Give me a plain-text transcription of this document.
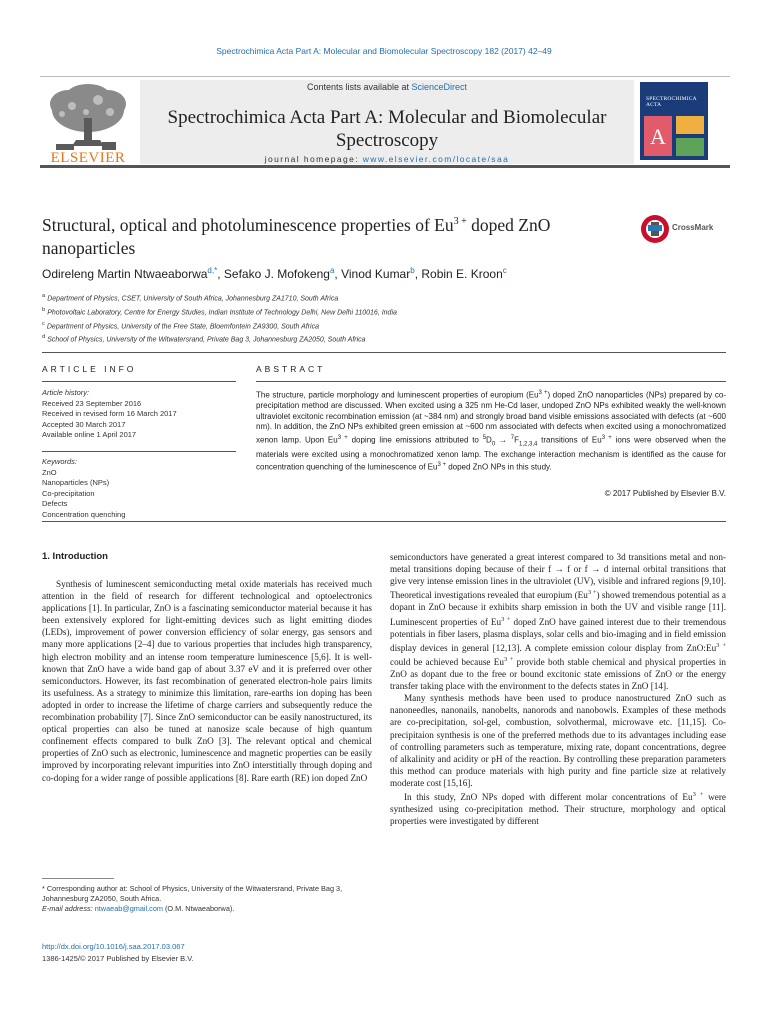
Spectrochimica Acta Part A: Molecular and Biomolecular Spectroscopy 182 (2017) 42–49
Contents lists available at ScienceDirect
Spectrochimica Acta Part A: Molecular and Biomolecular Spectroscopy
journal homepage: www.elsevier.com/locate/saa
ELSEVIER
SPECTROCHIMICA ACTA
A
Structural, optical and photoluminescence properties of $Eu^{3 +}$ doped ZnO nanoparticles
CrossMark
Odireleng Martin Ntwaeaborwa$^{d,*}$, Sefako J. Mofokeng$^a$, Vinod Kumar$^b$, Robin E. Kroon$^c$
$^a$ Department of Physics, CSET, University of South Africa, Johannesburg ZA1710, South Africa
$^b$ Photovoltaic Laboratory, Centre for Energy Studies, Indian Institute of Technology Delhi, New Delhi 110016, India
$^c$ Department of Physics, University of the Free State, Bloemfontein ZA9300, South Africa
$^d$ School of Physics, University of the Witwatersrand, Private Bag 3, Johannesburg ZA2050, South Africa
ARTICLE INFO
Article history:
Received 23 September 2016
Received in revised form 16 March 2017
Accepted 30 March 2017
Available online 1 April 2017
Keywords:
ZnO
Nanoparticles (NPs)
Co-precipitation
Defects
Concentration quenching
ABSTRACT
The structure, particle morphology and luminescent properties of europium $(Eu^{3 +})$ doped ZnO nanoparticles (NPs) prepared by co-precipitation method are discussed. When excited using a 325 nm He-Cd laser, undoped ZnO NPs exhibited weakly the well-known ultraviolet excitonic recombination emission (at ~384 nm) and strongly broad band visible emissions associated with defects (at ~600 nm). In addition, the ZnO NPs exhibited green emission at ~600 nm associated with defects when excited using a monochromatized xenon lamp. Upon $Eu^{3 +}$ doping line emissions attributed to $^5D_0 \to ^7F_{1,2,3,4}$ transitions of $Eu^{3 +}$ ions were observed when the materials were excited using a monochromatized xenon lamp. The exchange interaction mechanism is identified as the cause for concentration quenching of the luminescence of $Eu^{3 +}$ doped ZnO NPs in this study.
© 2017 Published by Elsevier B.V.
1. Introduction

Synthesis of luminescent semiconducting metal oxide materials has received much attention in the field of research for different technological and optoelectronics applications [1]. In particular, ZnO is a fascinating semiconductor material because it has been extensively explored for light-emitting devices such as light emitting diodes (LEDs), improvement of power conversion efficiency of solar energy, gas sensors and many more applications [2–4] due to various properties that includes high transparency, high electron mobility and an intense room temperature luminescence [5,6]. It is well-known that ZnO have a wide band gap of about 3.37 eV and it is preferred over other semiconductors. However, its fast recombination of generated electron-hole pairs limits its usefulness. As a strategy to minimize this limitation, rare-earths ion doping has been adopted in order to increase the lifetime of charge carriers and subsequently reduce the recombination probability [7]. Since ZnO semiconductor can be easily nanostructured, its optical properties can also be tuned at nanosize scale because of high quantum confinement effects compared to bulk ZnO [3]. The relevant optical and chemical properties of ZnO such as electronic, luminescence and magnetic properties can be easily improved by incorporating relevant impurities into ZnO interstitially through doping and co-doping for a wider range of possible applications [8]. Rare earth (RE) ion doped ZnO

semiconductors have generated a great interest compared to 3d transitions metal and non-metal transitions doping because of their f → f or f → d internal orbital transitions that give very intense emission lines in the ultraviolet (UV), visible and infrared regions [9,10]. Theoretical investigations revealed that europium $(Eu^{3 +})$ showed tremendous potential as a dopant in ZnO because it exhibits sharp emission in both the UV and visible range [11]. Luminescent properties of $Eu^{3 +}$ doped ZnO have gained interest due to their tremendous potentials in fiber lasers, plasma displays, solar cells and bio-imaging and in field emission display devices in general [12,13]. A complete emission colour display from $ZnO:Eu^{3 +}$ could be achieved because $Eu^{3 +}$ provide both stable chemical and physical properties in ZnO as dopant due to the free or bound excitonic state emissions of ZnO or the energy transfer taking place with the environment to the defects states in ZnO [14].

Many synthesis methods have been used to produce nanostructured ZnO such as nanoneedles, nanonails, nanobelts, nanorods and nanobowls. Examples of these methods are co-precipitation, sol-gel, combustion, solvothermal, microwave etc. [11,15]. Co-precipitaion synthesis is one of the preferred methods due to its advantages including ease of controlling parameters such as temperature, mixing rate, dopant concentrations, degree of alkalinity and acidity or pH of the reaction. By controlling these preparation parameters this method can produce materials with high purity and fine particle size at relatively moderate cost [15,16].

In this study, ZnO NPs doped with different molar concentrations of $Eu^{3 +}$ were synthesized using co-precipitation method. Their structure, morphology and optical properties were investigated by different

* Corresponding author at: School of Physics, University of the Witwatersrand, Private Bag 3, Johannesburg ZA2050, South Africa.
E-mail address: ntwaeab@gmail.com (O.M. Ntwaeaborwa).
http://dx.doi.org/10.1016/j.saa.2017.03.067
1386-1425/© 2017 Published by Elsevier B.V.
